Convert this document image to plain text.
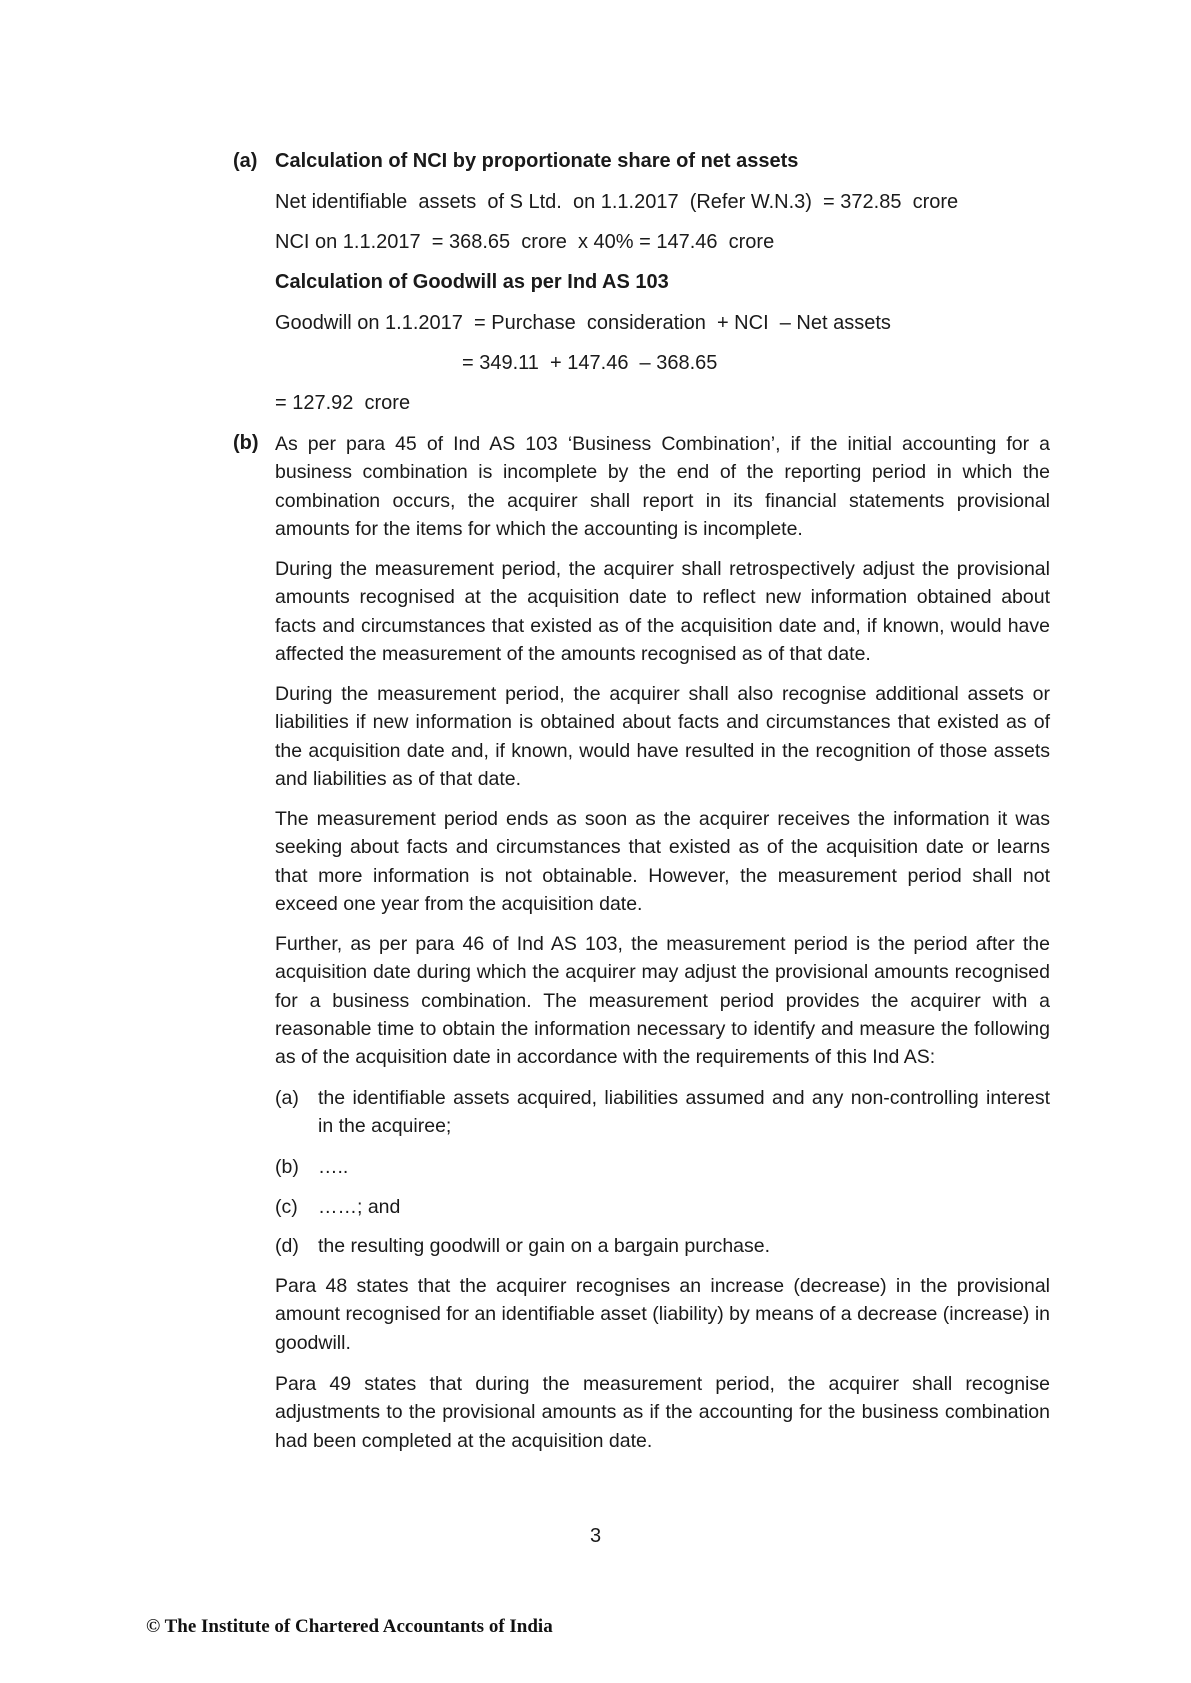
(a) Calculation of NCI by proportionate share of net assets
Net identifiable  assets  of S Ltd.  on 1.1.2017  (Refer W.N.3)  = 372.85  crore
NCI on 1.1.2017  = 368.65  crore  x 40% = 147.46  crore
Calculation of Goodwill as per Ind AS 103
Goodwill on 1.1.2017  = Purchase  consideration  + NCI  – Net assets
= 349.11  + 147.46  – 368.65
= 127.92  crore
(b) As per para 45 of Ind AS 103 ‘Business Combination’, if the initial accounting for a business combination is incomplete by the end of the reporting period in which the combination occurs, the acquirer shall report in its financial statements provisional amounts for the items for which the accounting is incomplete.

During the measurement period, the acquirer shall retrospectively adjust the provisional amounts recognised at the acquisition date to reflect new information obtained about facts and circumstances that existed as of the acquisition date and, if known, would have affected the measurement of the amounts recognised as of that date.

During the measurement period, the acquirer shall also recognise additional assets or liabilities if new information is obtained about facts and circumstances that existed as of the acquisition date and, if known, would have resulted in the recognition of those assets and liabilities as of that date.

The measurement period ends as soon as the acquirer receives the information it was seeking about facts and circumstances that existed as of the acquisition date or learns that more information is not obtainable. However, the measurement period shall not exceed one year from the acquisition date.

Further, as per para 46 of Ind AS 103, the measurement period is the period after the acquisition date during which the acquirer may adjust the provisional amounts recognised for a business combination. The measurement period provides the acquirer with a reasonable time to obtain the information necessary to identify and measure the following as of the acquisition date in accordance with the requirements of this Ind AS:

(a) the identifiable assets acquired, liabilities assumed and any non-controlling interest in the acquiree;

(b) …..

(c) ……; and

(d) the resulting goodwill or gain on a bargain purchase.

Para 48 states that the acquirer recognises an increase (decrease) in the provisional amount recognised for an identifiable asset (liability) by means of a decrease (increase) in goodwill.

Para 49 states that during the measurement period, the acquirer shall recognise adjustments to the provisional amounts as if the accounting for the business combination had been completed at the acquisition date.

3
© The Institute of Chartered Accountants of India
